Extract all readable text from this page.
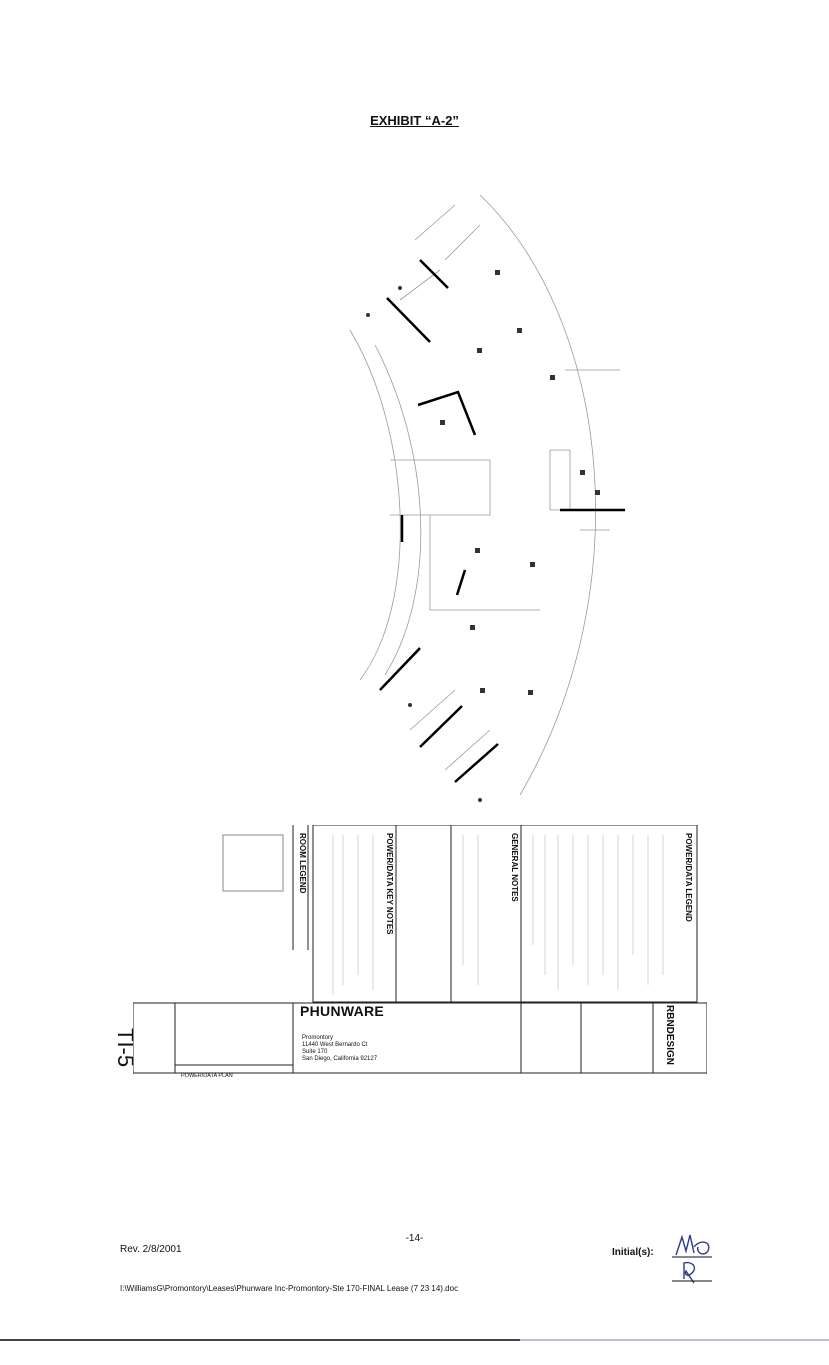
EXHIBIT “A-2”
POWER/DATA LEGEND
GENERAL NOTES
POWER/DATA KEY NOTES
ROOM LEGEND
RBNDESIGN
PHUNWARE
Promontory
11440 West Bernardo Ct
Suite 170
San Diego, California 92127
TI-5
POWER/DATA PLAN
-14-
Rev. 2/8/2001	Initial(s):
I:\WilliamsG\Promontory\Leases\Phunware Inc-Promontory-Ste 170-FINAL Lease (7 23 14).doc
